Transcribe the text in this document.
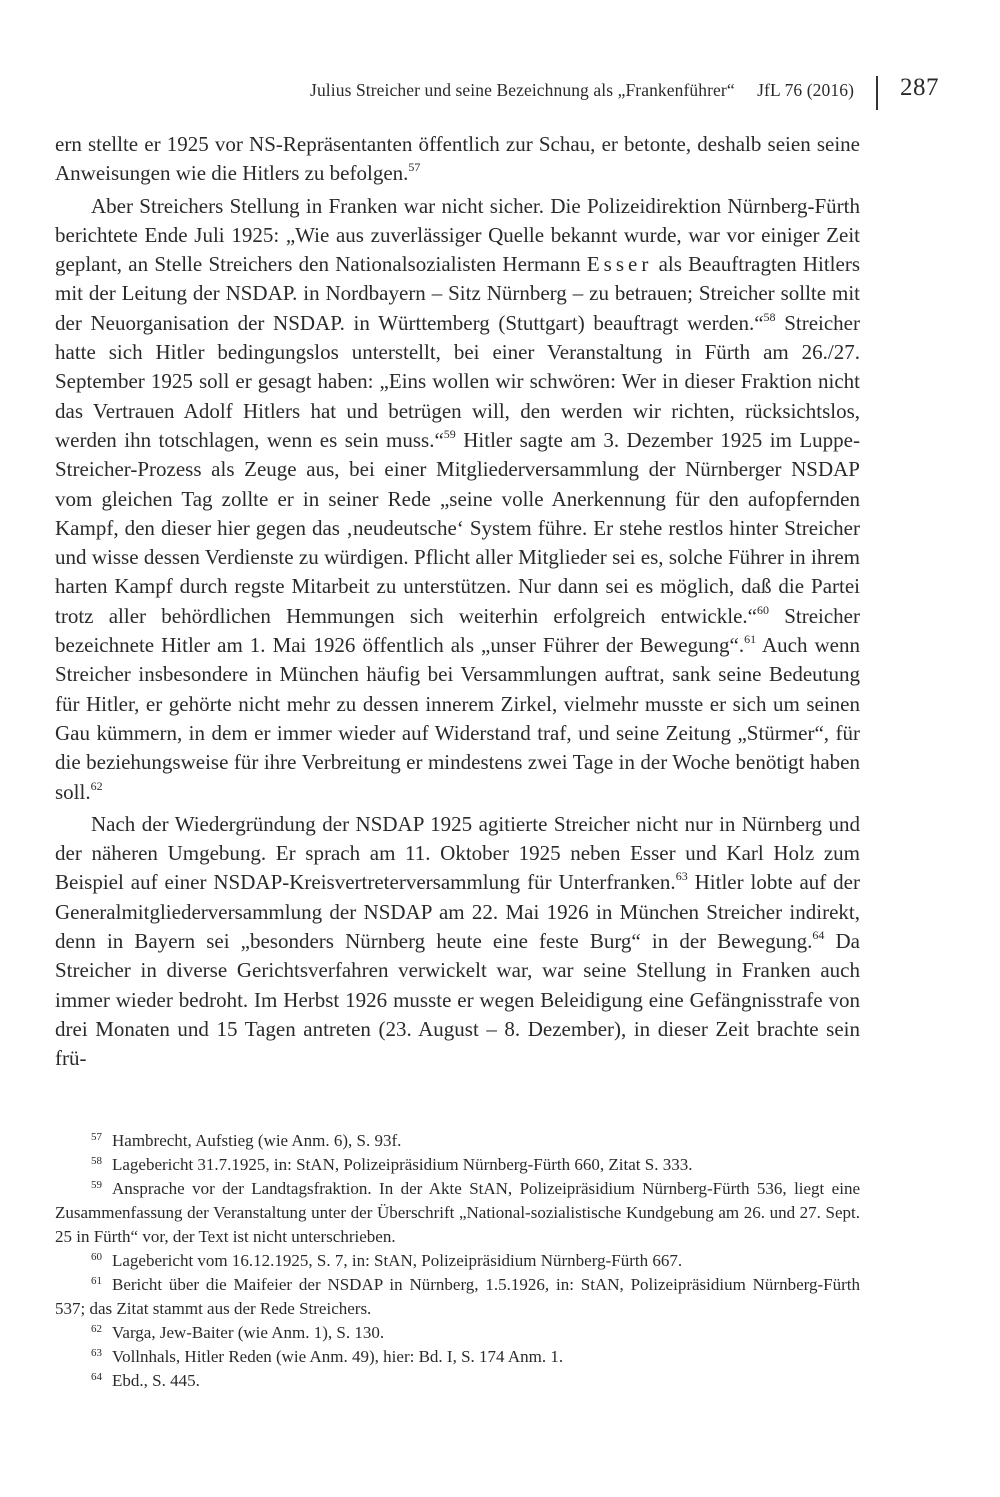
Julius Streicher und seine Bezeichnung als „Frankenführer“ JfL 76 (2016) 287

ern stellte er 1925 vor NS-Repräsentanten öffentlich zur Schau, er betonte, deshalb seien seine Anweisungen wie die Hitlers zu befolgen.$^{57}$

Aber Streichers Stellung in Franken war nicht sicher. Die Polizeidirektion Nürnberg-Fürth berichtete Ende Juli 1925: „Wie aus zuverlässiger Quelle bekannt wurde, war vor einiger Zeit geplant, an Stelle Streichers den Nationalsozialisten Hermann Esser als Beauftragten Hitlers mit der Leitung der NSDAP. in Nordbayern – Sitz Nürnberg – zu betrauen; Streicher sollte mit der Neuorganisation der NSDAP. in Württemberg (Stuttgart) beauftragt werden.“$^{58}$ Streicher hatte sich Hitler bedingungslos unterstellt, bei einer Veranstaltung in Fürth am 26./27. September 1925 soll er gesagt haben: „Eins wollen wir schwören: Wer in dieser Fraktion nicht das Vertrauen Adolf Hitlers hat und betrügen will, den werden wir richten, rücksichtslos, werden ihn totschlagen, wenn es sein muss.“$^{59}$ Hitler sagte am 3. Dezember 1925 im Luppe-Streicher-Prozess als Zeuge aus, bei einer Mitgliederversammlung der Nürnberger NSDAP vom gleichen Tag zollte er in seiner Rede „seine volle Anerkennung für den aufopfernden Kampf, den dieser hier gegen das ‚neudeutsche‘ System führe. Er stehe restlos hinter Streicher und wisse dessen Verdienste zu würdigen. Pflicht aller Mitglieder sei es, solche Führer in ihrem harten Kampf durch regste Mitarbeit zu unterstützen. Nur dann sei es möglich, daß die Partei trotz aller behördlichen Hemmungen sich weiterhin erfolgreich entwickle.“$^{60}$ Streicher bezeichnete Hitler am 1. Mai 1926 öffentlich als „unser Führer der Bewegung“.$^{61}$ Auch wenn Streicher insbesondere in München häufig bei Versammlungen auftrat, sank seine Bedeutung für Hitler, er gehörte nicht mehr zu dessen innerem Zirkel, vielmehr musste er sich um seinen Gau kümmern, in dem er immer wieder auf Widerstand traf, und seine Zeitung „Stürmer“, für die beziehungsweise für ihre Verbreitung er mindestens zwei Tage in der Woche benötigt haben soll.$^{62}$

Nach der Wiedergründung der NSDAP 1925 agitierte Streicher nicht nur in Nürnberg und der näheren Umgebung. Er sprach am 11. Oktober 1925 neben Esser und Karl Holz zum Beispiel auf einer NSDAP-Kreisvertreterversammlung für Unterfranken.$^{63}$ Hitler lobte auf der Generalmitgliederversammlung der NSDAP am 22. Mai 1926 in München Streicher indirekt, denn in Bayern sei „besonders Nürnberg heute eine feste Burg“ in der Bewegung.$^{64}$ Da Streicher in diverse Gerichtsverfahren verwickelt war, war seine Stellung in Franken auch immer wieder bedroht. Im Herbst 1926 musste er wegen Beleidigung eine Gefängnisstrafe von drei Monaten und 15 Tagen antreten (23. August – 8. Dezember), in dieser Zeit brachte sein frü-

$^{57}$ Hambrecht, Aufstieg (wie Anm. 6), S. 93f.

$^{58}$ Lagebericht 31.7.1925, in: StAN, Polizeipräsidium Nürnberg-Fürth 660, Zitat S. 333.

$^{59}$ Ansprache vor der Landtagsfraktion. In der Akte StAN, Polizeipräsidium Nürnberg-Fürth 536, liegt eine Zusammenfassung der Veranstaltung unter der Überschrift „National-sozialistische Kundgebung am 26. und 27. Sept. 25 in Fürth“ vor, der Text ist nicht unterschrieben.

$^{60}$ Lagebericht vom 16.12.1925, S. 7, in: StAN, Polizeipräsidium Nürnberg-Fürth 667.

$^{61}$ Bericht über die Maifeier der NSDAP in Nürnberg, 1.5.1926, in: StAN, Polizeipräsidium Nürnberg-Fürth 537; das Zitat stammt aus der Rede Streichers.

$^{62}$ Varga, Jew-Baiter (wie Anm. 1), S. 130.

$^{63}$ Vollnhals, Hitler Reden (wie Anm. 49), hier: Bd. I, S. 174 Anm. 1.

$^{64}$ Ebd., S. 445.
